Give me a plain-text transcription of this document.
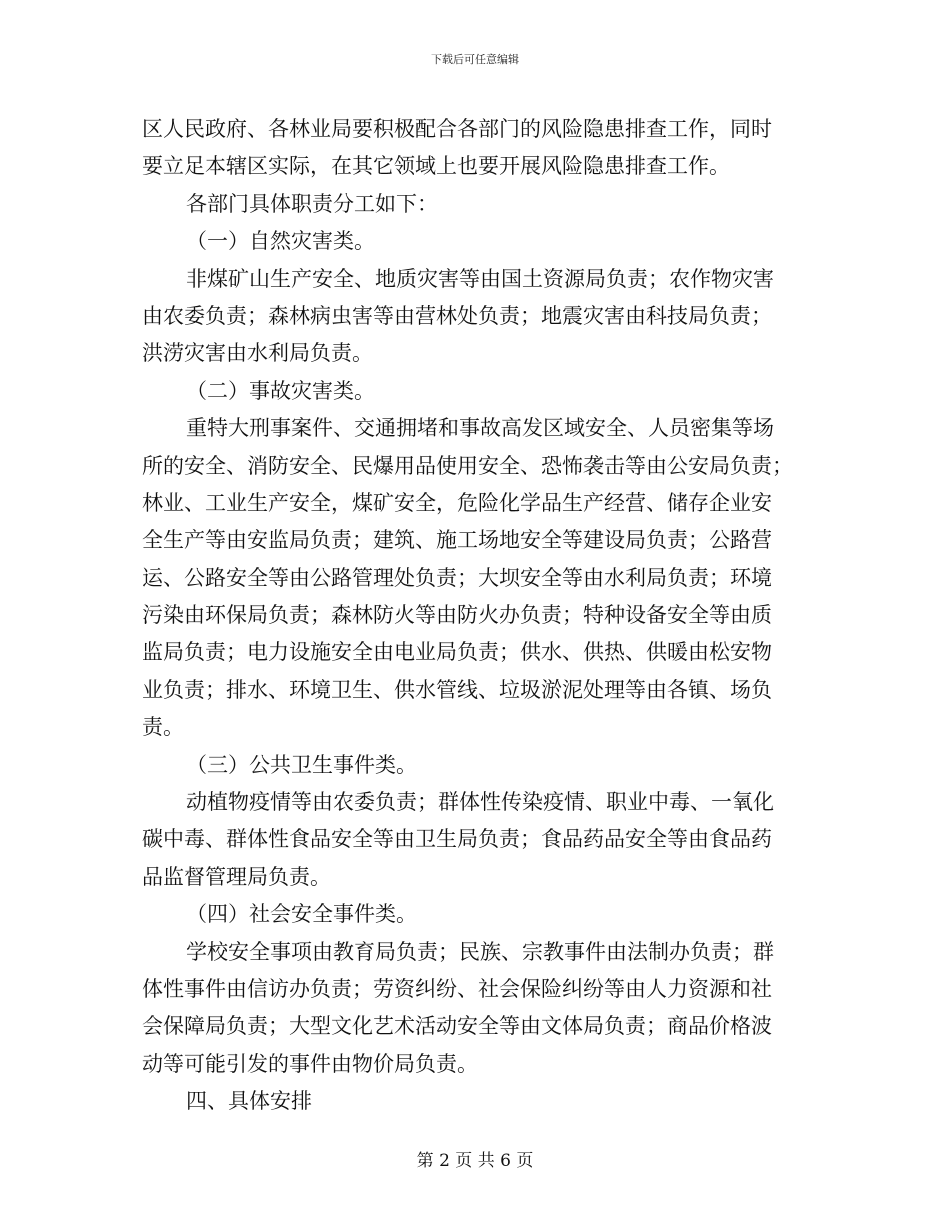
下载后可任意编辑
区人民政府、各林业局要积极配合各部门的风险隐患排查工作，同时
要立足本辖区实际，在其它领域上也要开展风险隐患排查工作。
各部门具体职责分工如下：
（一）自然灾害类。
非煤矿山生产安全、地质灾害等由国土资源局负责；农作物灾害
由农委负责；森林病虫害等由营林处负责；地震灾害由科技局负责；
洪涝灾害由水利局负责。
（二）事故灾害类。
重特大刑事案件、交通拥堵和事故高发区域安全、人员密集等场
所的安全、消防安全、民爆用品使用安全、恐怖袭击等由公安局负责；
林业、工业生产安全，煤矿安全，危险化学品生产经营、储存企业安
全生产等由安监局负责；建筑、施工场地安全等建设局负责；公路营
运、公路安全等由公路管理处负责；大坝安全等由水利局负责；环境
污染由环保局负责；森林防火等由防火办负责；特种设备安全等由质
监局负责；电力设施安全由电业局负责；供水、供热、供暖由松安物
业负责；排水、环境卫生、供水管线、垃圾淤泥处理等由各镇、场负
责。
（三）公共卫生事件类。
动植物疫情等由农委负责；群体性传染疫情、职业中毒、一氧化
碳中毒、群体性食品安全等由卫生局负责；食品药品安全等由食品药
品监督管理局负责。
（四）社会安全事件类。
学校安全事项由教育局负责；民族、宗教事件由法制办负责；群
体性事件由信访办负责；劳资纠纷、社会保险纠纷等由人力资源和社
会保障局负责；大型文化艺术活动安全等由文体局负责；商品价格波
动等可能引发的事件由物价局负责。
四、具体安排
第 2 页 共 6 页
